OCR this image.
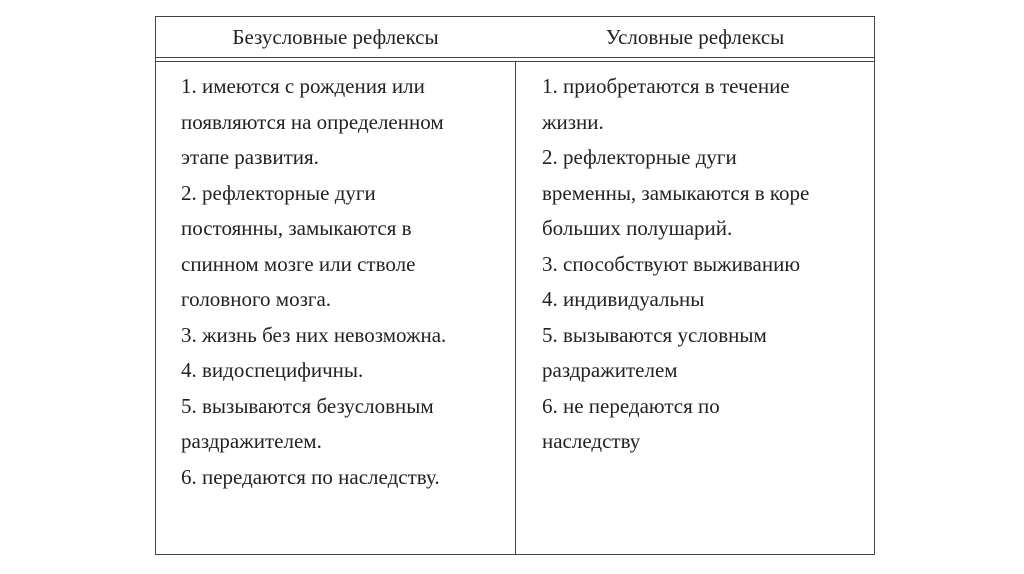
Безусловные рефлексы	Условные рефлексы
1. имеются с рождения или
появляются на определенном
этапе развития.
2. рефлекторные дуги
постоянны, замыкаются в
спинном мозге или стволе
головного мозга.
3. жизнь без них невозможна.
4. видоспецифичны.
5. вызываются безусловным
раздражителем.
6. передаются по наследству.
1. приобретаются в течение
жизни.
2. рефлекторные дуги
временны, замыкаются в коре
больших полушарий.
3. способствуют выживанию
4. индивидуальны
5. вызываются условным
раздражителем
6. не передаются по
наследству
